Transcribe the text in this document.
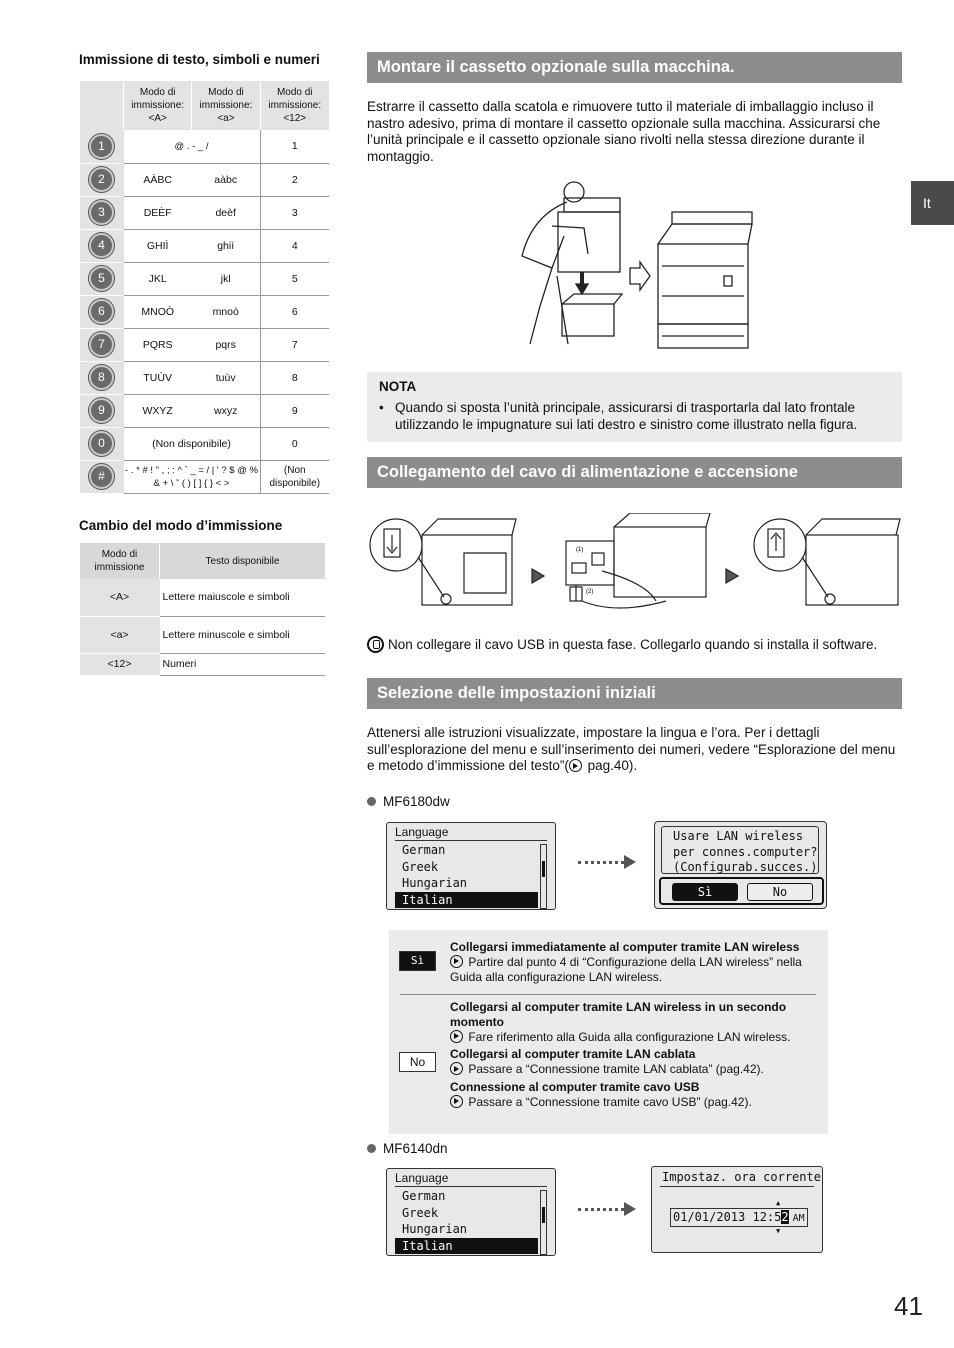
Immissione di testo, simboli e numeri
	Modo di immissione: <A>	Modo di immissione: <a>	Modo di immissione: <12>
1	@ . - _ /		1
2	AÀBC	aàbc	2
3	DEÈF	deèf	3
4	GHIÌ	ghiì	4
5	JKL	jkl	5
6	MNOÒ	mnoò	6
7	PQRS	pqrs	7
8	TUÙV	tuùv	8
9	WXYZ	wxyz	9
0	(Non disponibile)		0
#	- . * # ! " , ; : ^ ` _ = / | ' ? $ @ % & + \ ˜ ( ) [ ] { } < >		(Non disponibile)
Cambio del modo d’immissione
Modo di immissione	Testo disponibile
<A>	Lettere maiuscole e simboli
<a>	Lettere minuscole e simboli
<12>	Numeri
It
Montare il cassetto opzionale sulla macchina.
Estrarre il cassetto dalla scatola e rimuovere tutto il materiale di imballaggio incluso il nastro adesivo, prima di montare il cassetto opzionale sulla macchina. Assicurarsi che l’unità principale e il cassetto opzionale siano rivolti nella stessa direzione durante il montaggio.
NOTA
• Quando si sposta l’unità principale, assicurarsi di trasportarla dal lato frontale utilizzando le impugnature sui lati destro e sinistro come illustrato nella figura.
Collegamento del cavo di alimentazione e accensione
(1)
(2)
Non collegare il cavo USB in questa fase. Collegarlo quando si installa il software.
Selezione delle impostazioni iniziali
Attenersi alle istruzioni visualizzate, impostare la lingua e l’ora. Per i dettagli sull’esplorazione del menu e sull’inserimento dei numeri, vedere “Esplorazione del menu e metodo d’immissione del testo”( pag.40).
MF6180dw
Language
German
Greek
Hungarian
Italian
Usare LAN wireless
per connes.computer?
(Configurab.succes.)
Sì	No
Sì
Collegarsi immediatamente al computer tramite LAN wireless
Partire dal punto 4 di “Configurazione della LAN wireless” nella Guida alla configurazione LAN wireless.
No
Collegarsi al computer tramite LAN wireless in un secondo momento
Fare riferimento alla Guida alla configurazione LAN wireless.
Collegarsi al computer tramite LAN cablata
Passare a “Connessione tramite LAN cablata” (pag.42).
Connessione al computer tramite cavo USB
Passare a “Connessione tramite cavo USB” (pag.42).
MF6140dn
Language
German
Greek
Hungarian
Italian
Impostaz. ora corrente
▲
01/01/2013 12:52 AM
▼
41
